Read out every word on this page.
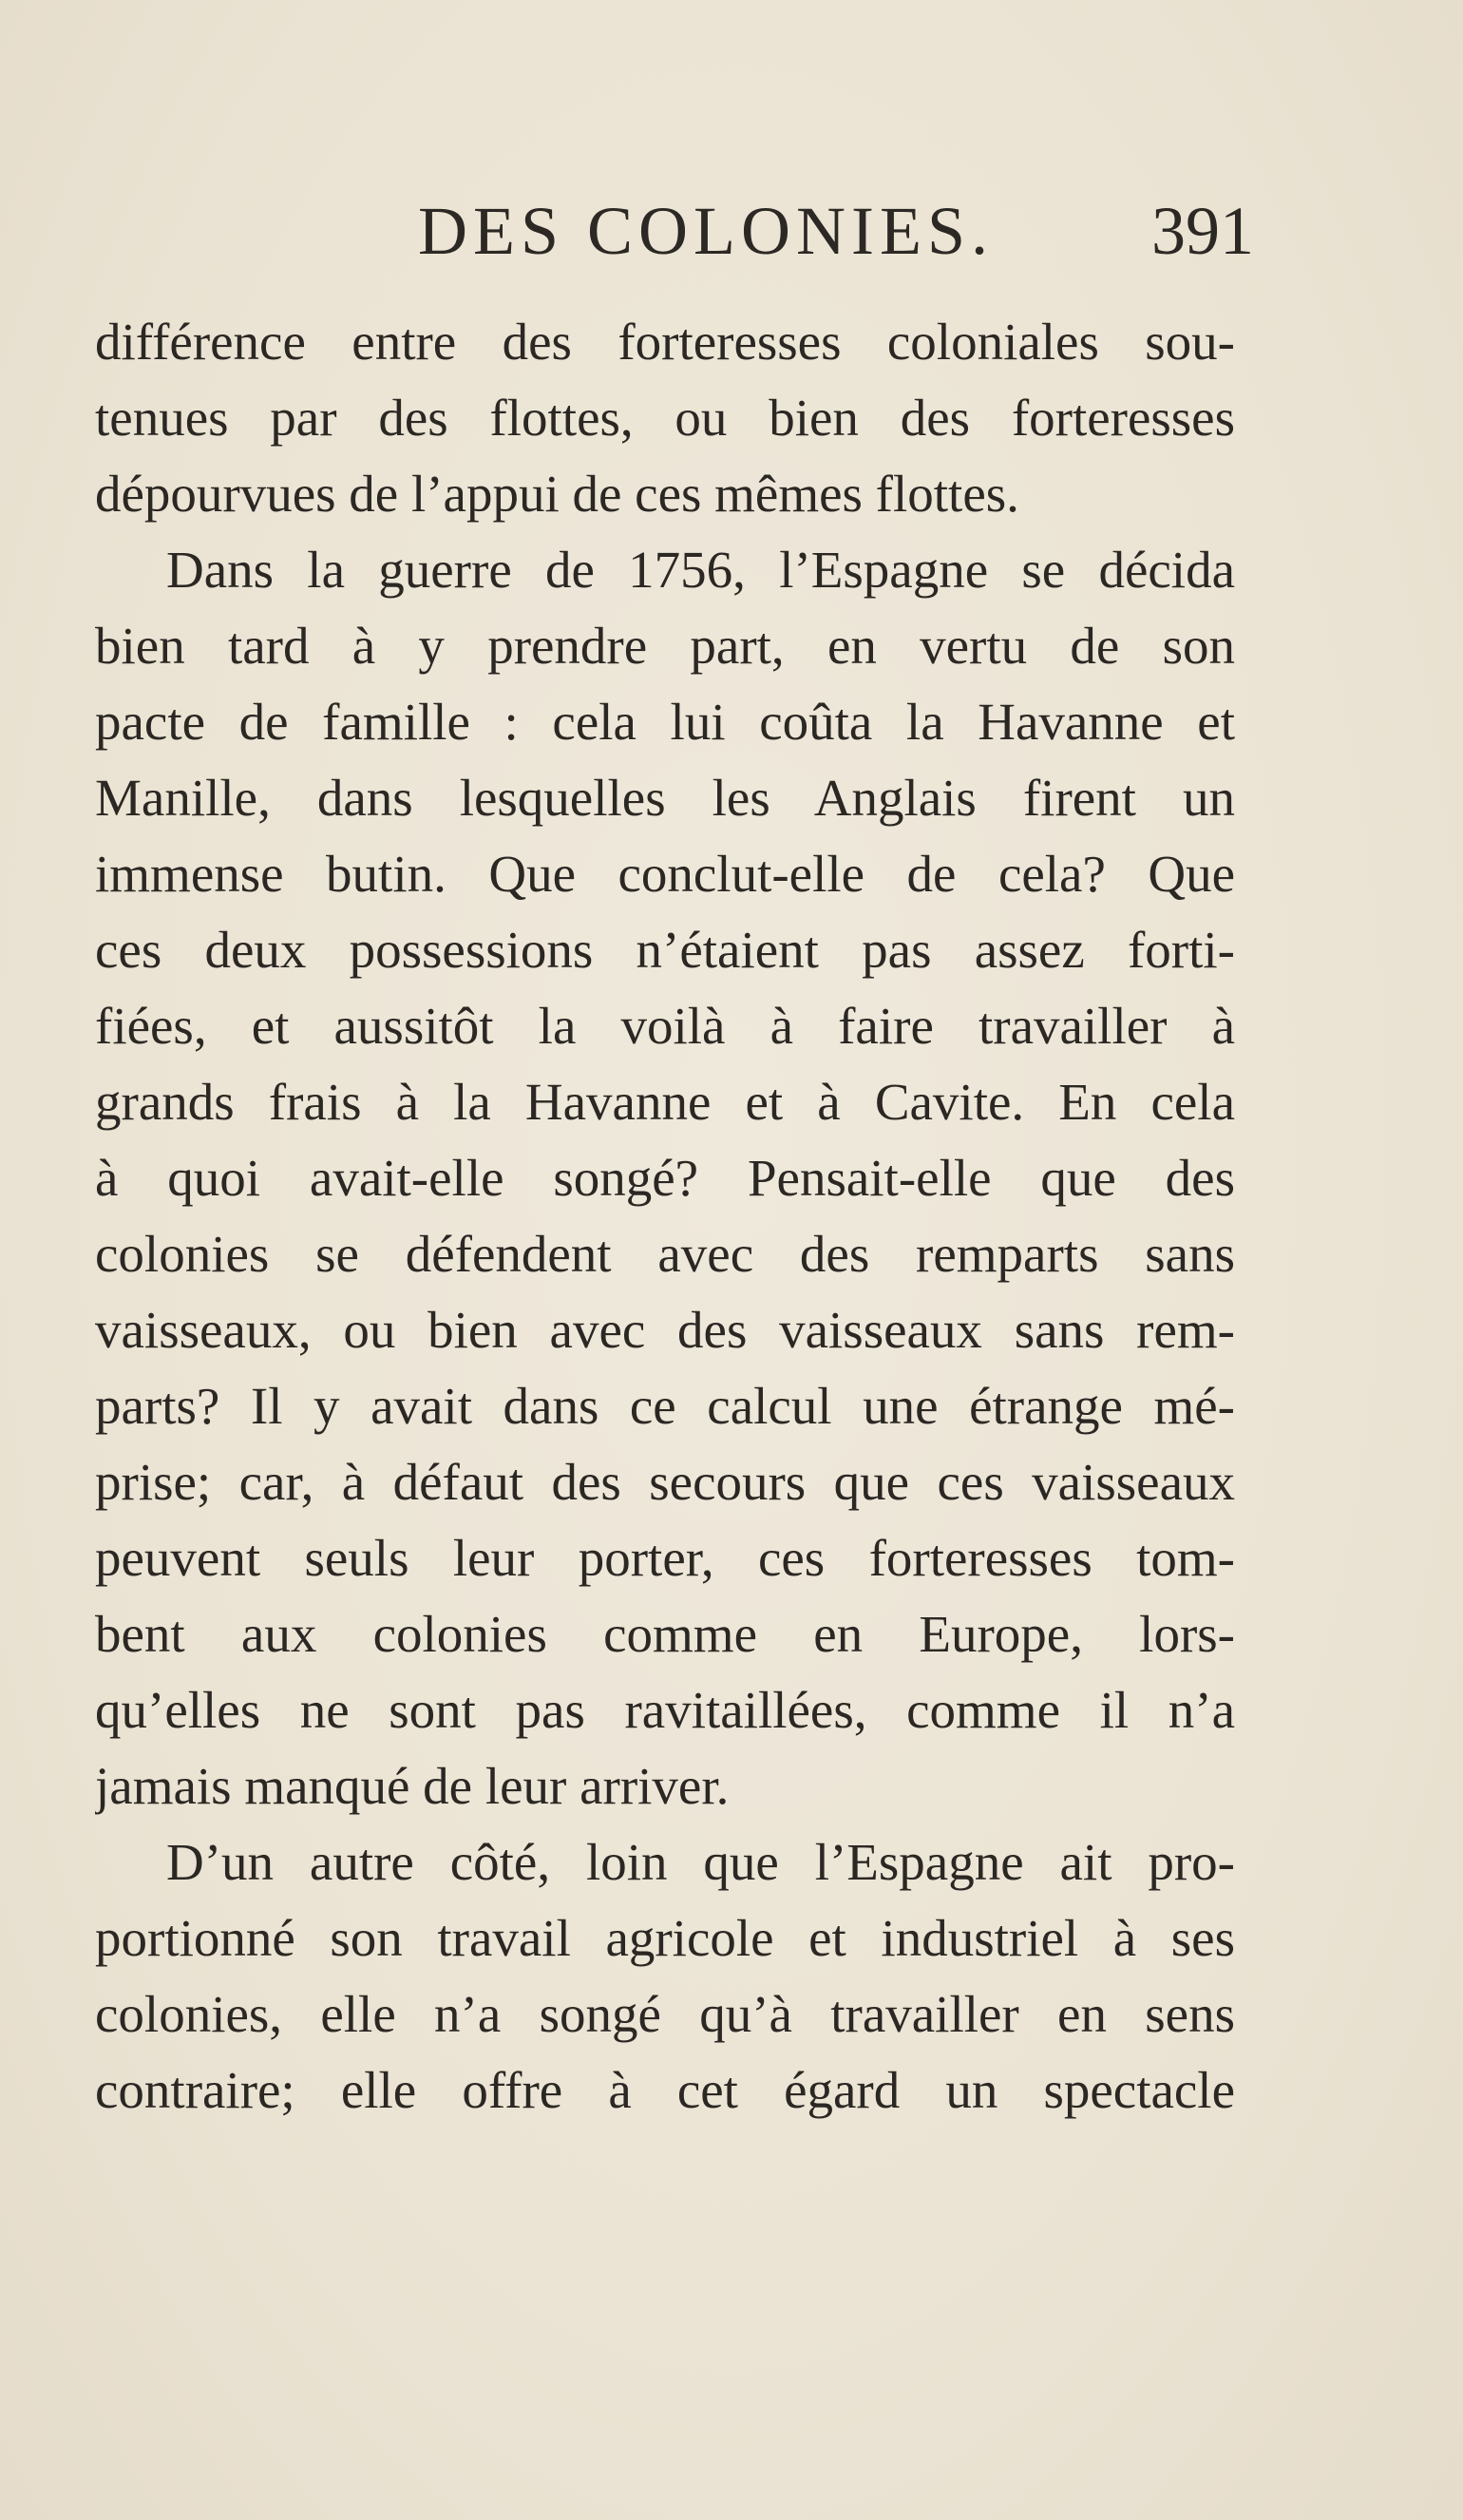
DES COLONIES. 391
différence entre des forteresses coloniales sou-
tenues par des flottes, ou bien des forteresses
dépourvues de l’appui de ces mêmes flottes.
Dans la guerre de 1756, l’Espagne se décida
bien tard à y prendre part, en vertu de son
pacte de famille : cela lui coûta la Havanne et
Manille, dans lesquelles les Anglais firent un
immense butin. Que conclut-elle de cela? Que
ces deux possessions n’étaient pas assez forti-
fiées, et aussitôt la voilà à faire travailler à
grands frais à la Havanne et à Cavite. En cela
à quoi avait-elle songé? Pensait-elle que des
colonies se défendent avec des remparts sans
vaisseaux, ou bien avec des vaisseaux sans rem-
parts? Il y avait dans ce calcul une étrange mé-
prise; car, à défaut des secours que ces vaisseaux
peuvent seuls leur porter, ces forteresses tom-
bent aux colonies comme en Europe, lors-
qu’elles ne sont pas ravitaillées, comme il n’a
jamais manqué de leur arriver.
D’un autre côté, loin que l’Espagne ait pro-
portionné son travail agricole et industriel à ses
colonies, elle n’a songé qu’à travailler en sens
contraire; elle offre à cet égard un spectacle
